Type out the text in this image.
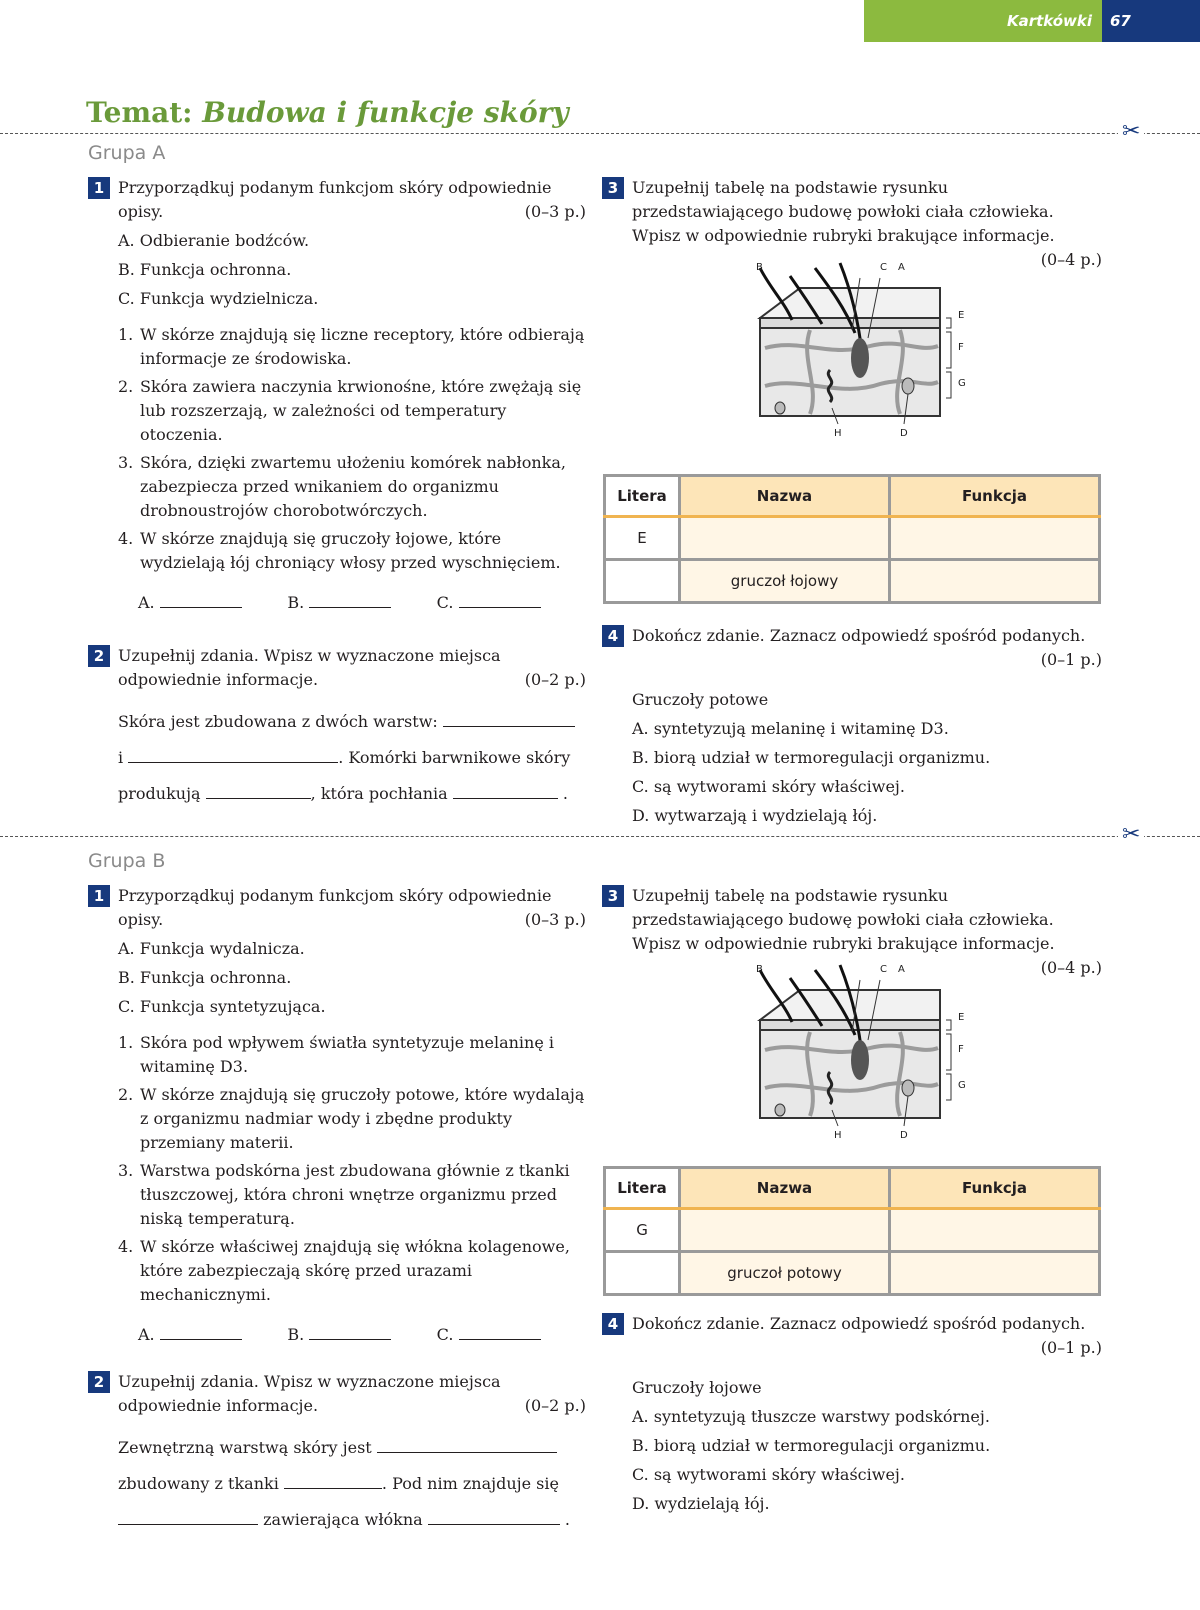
Kartkówki 67
Temat: Budowa i funkcje skóry
✂
✂
Grupa A
1 Przyporządkuj podanym funkcjom skóry odpowiednie opisy.	(0–3 p.)
A. Odbieranie bodźców.
B. Funkcja ochronna.
C. Funkcja wydzielnicza.
1. W skórze znajdują się liczne receptory, które odbierają informacje ze środowiska.
2. Skóra zawiera naczynia krwionośne, które zwężają się lub rozszerzają, w zależności od temperatury otoczenia.
3. Skóra, dzięki zwartemu ułożeniu komórek nabłonka, zabezpiecza przed wnikaniem do organizmu drobnoustrojów chorobotwórczych.
4. W skórze znajdują się gruczoły łojowe, które wydzielają łój chroniący włosy przed wyschnięciem.
A.	B.	C.
2 Uzupełnij zdania. Wpisz w wyznaczone miejsca odpowiednie informacje.	(0–2 p.)
Skóra jest zbudowana z dwóch warstw:
i	. Komórki barwnikowe skóry
produkują	, która pochłania	.
3 Uzupełnij tabelę na podstawie rysunku przedstawiającego budowę powłoki ciała człowieka. Wpisz w odpowiednie rubryki brakujące informacje.
(0–4 p.)
B	C A
E
F
G
H	D
Litera	Nazwa	Funkcja
E		
	gruczoł łojowy	
4 Dokończ zdanie. Zaznacz odpowiedź spośród podanych.
(0–1 p.)
Gruczoły potowe
A. syntetyzują melaninę i witaminę D3.
B. biorą udział w termoregulacji organizmu.
C. są wytworami skóry właściwej.
D. wytwarzają i wydzielają łój.
Grupa B
1 Przyporządkuj podanym funkcjom skóry odpowiednie opisy.	(0–3 p.)
A. Funkcja wydalnicza.
B. Funkcja ochronna.
C. Funkcja syntetyzująca.
1. Skóra pod wpływem światła syntetyzuje melaninę i witaminę D3.
2. W skórze znajdują się gruczoły potowe, które wydalają z organizmu nadmiar wody i zbędne produkty przemiany materii.
3. Warstwa podskórna jest zbudowana głównie z tkanki tłuszczowej, która chroni wnętrze organizmu przed niską temperaturą.
4. W skórze właściwej znajdują się włókna kolagenowe, które zabezpieczają skórę przed urazami mechanicznymi.
A.	B.	C.
2 Uzupełnij zdania. Wpisz w wyznaczone miejsca odpowiednie informacje.	(0–2 p.)
Zewnętrzną warstwą skóry jest
zbudowany z tkanki	. Pod nim znajduje się
zawierająca włókna	.
3 Uzupełnij tabelę na podstawie rysunku przedstawiającego budowę powłoki ciała człowieka. Wpisz w odpowiednie rubryki brakujące informacje.
(0–4 p.)
B	C A
E
F
G
H	D
Litera	Nazwa	Funkcja
G		
	gruczoł potowy	
4 Dokończ zdanie. Zaznacz odpowiedź spośród podanych.
(0–1 p.)
Gruczoły łojowe
A. syntetyzują tłuszcze warstwy podskórnej.
B. biorą udział w termoregulacji organizmu.
C. są wytworami skóry właściwej.
D. wydzielają łój.
